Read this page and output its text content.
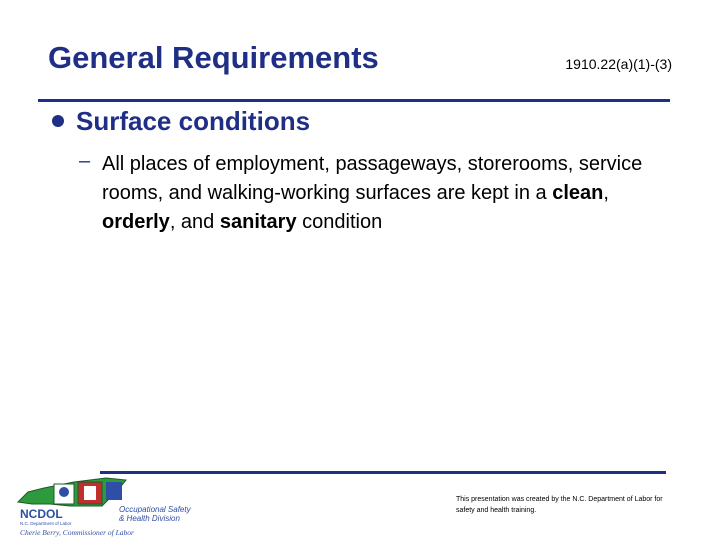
General Requirements	1910.22(a)(1)-(3)
Surface conditions
– All places of employment, passageways, storerooms, service rooms, and walking-working surfaces are kept in a clean, orderly, and sanitary condition

NCDOL
N.C. Department of Labor
Occupational Safety
& Health Division
Cherie Berry, Commissioner of Labor
This presentation was created by the N.C. Department of Labor for safety and health training.
